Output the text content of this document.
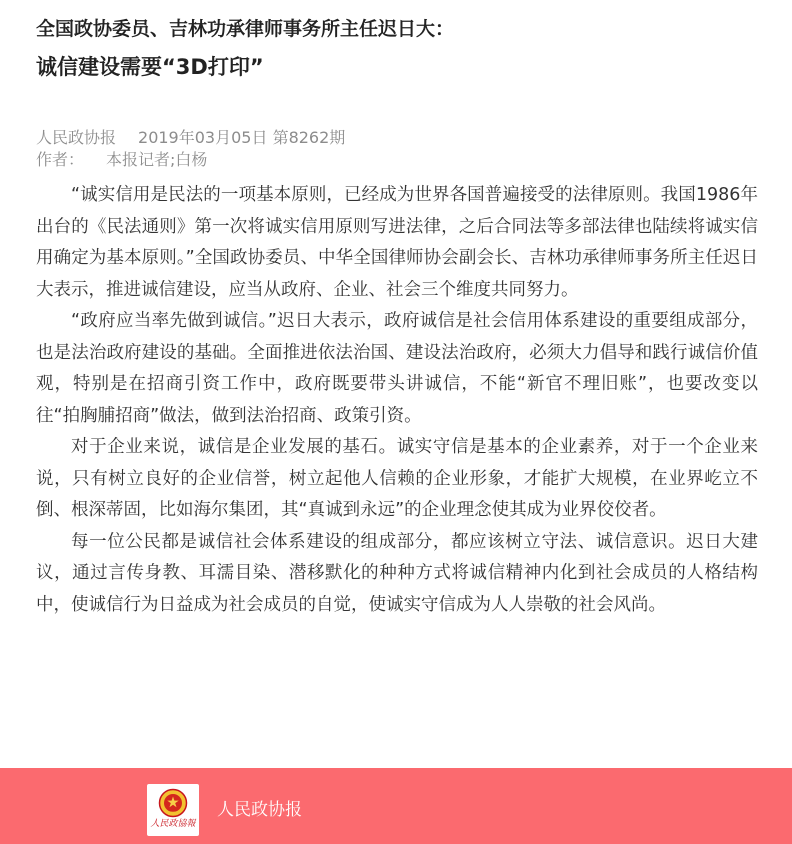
全国政协委员、吉林功承律师事务所主任迟日大：
诚信建设需要“3D打印”
人民政协报 2019年03月05日 第8262期
作者： 本报记者;白杨

“诚实信用是民法的一项基本原则，已经成为世界各国普遍接受的法律原则。我国1986年出台的《民法通则》第一次将诚实信用原则写进法律，之后合同法等多部法律也陆续将诚实信用确定为基本原则。”全国政协委员、中华全国律师协会副会长、吉林功承律师事务所主任迟日大表示，推进诚信建设，应当从政府、企业、社会三个维度共同努力。

“政府应当率先做到诚信。”迟日大表示，政府诚信是社会信用体系建设的重要组成部分，也是法治政府建设的基础。全面推进依法治国、建设法治政府，必须大力倡导和践行诚信价值观，特别是在招商引资工作中，政府既要带头讲诚信，不能“新官不理旧账”，也要改变以往“拍胸脯招商”做法，做到法治招商、政策引资。

对于企业来说，诚信是企业发展的基石。诚实守信是基本的企业素养，对于一个企业来说，只有树立良好的企业信誉，树立起他人信赖的企业形象，才能扩大规模，在业界屹立不倒、根深蒂固，比如海尔集团，其“真诚到永远”的企业理念使其成为业界佼佼者。

每一位公民都是诚信社会体系建设的组成部分，都应该树立守法、诚信意识。迟日大建议，通过言传身教、耳濡目染、潜移默化的种种方式将诚信精神内化到社会成员的人格结构中，使诚信行为日益成为社会成员的自觉，使诚实守信成为人人崇敬的社会风尚。

人民政協報
人民政协报
